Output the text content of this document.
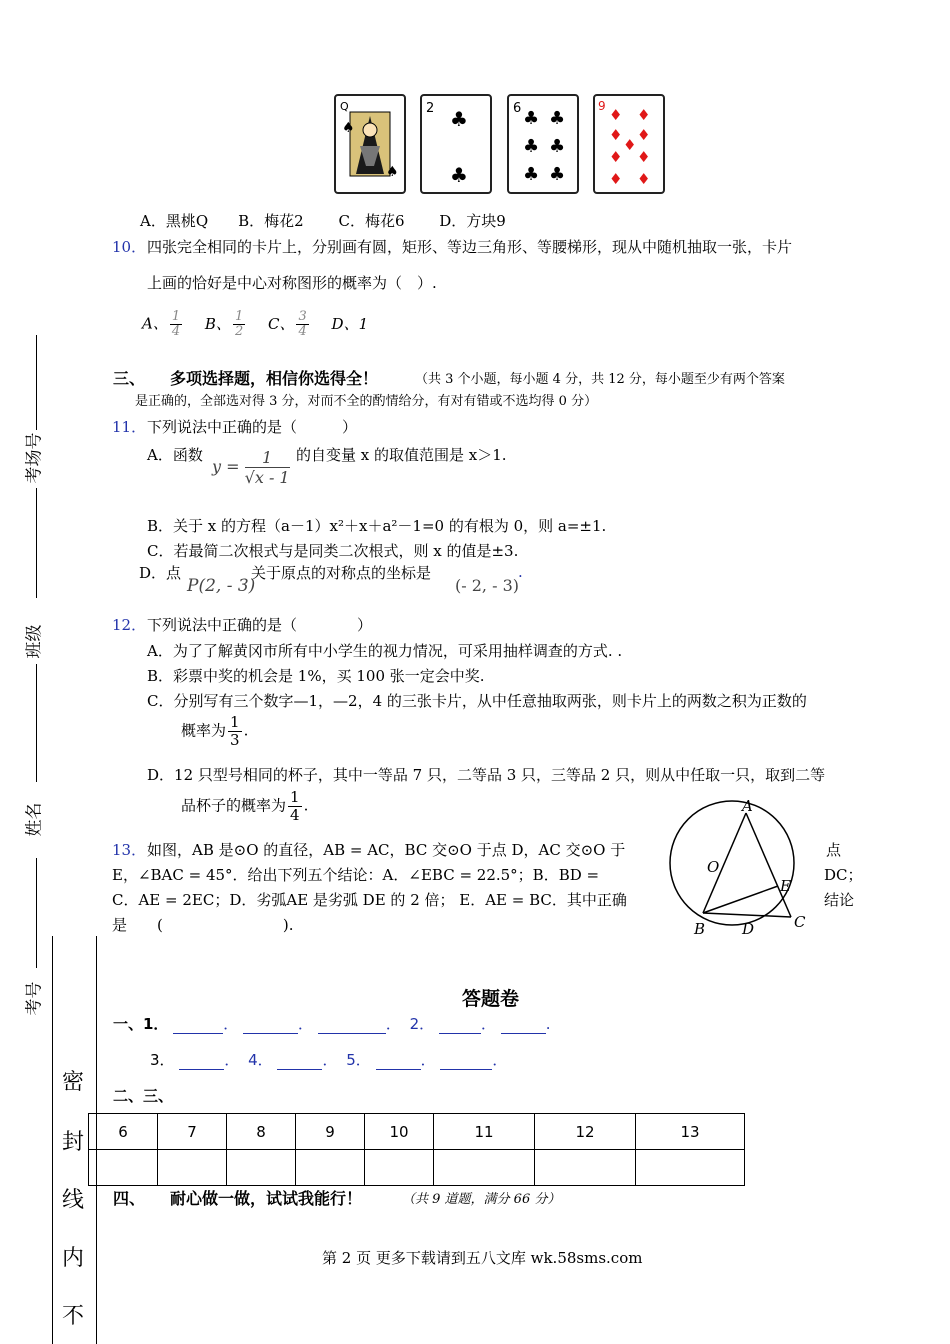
Q
♠
♠
2 ♣
♣
6 ♣ ♣
♣ ♣
♣ ♣
9 ♦ ♦
♦ ♦
♦
♦ ♦
♦ ♦
A．黑桃Q　　B．梅花2　　 C．梅花6　　 D．方块9
10． 四张完全相同的卡片上，分别画有圆，矩形、等边三角形、等腰梯形，现从中随机抽取一张，卡片
上画的恰好是中心对称图形的概率为（　）.
A、 $\frac{1}{4}$ B、 $\frac{1}{2}$ C、 $\frac{3}{4}$ D、1
三、 多项选择题，相信你选得全！	（共 3 个小题，每小题 4 分，共 12 分，每小题至少有两个答案
是正确的，全部选对得 3 分，对而不全的酌情给分，有对有错或不选均得 0 分）
11． 下列说法中正确的是（　　　）
A．函数
$y = \frac{1}{√x - 1}$ 的自变量 x 的取值范围是 x＞1.
B．关于 x 的方程（a－1）x²＋x＋a²－1=0 的有根为 0，则 a=±1.
C．若最简二次根式与是同类二次根式，则 x 的值是±3.
D．点
P(2, - 3)
关于原点的对称点的坐标是
(- 2, - 3)
.
12． 下列说法中正确的是（　　　　）
A．为了了解黄冈市所有中小学生的视力情况，可采用抽样调查的方式. .
B．彩票中奖的机会是 1%，买 100 张一定会中奖.
C．分别写有三个数字—1，—2，4 的三张卡片，从中任意抽取两张，则卡片上的两数之积为正数的
概率为 $\frac{1}{3}$ .
D．12 只型号相同的杯子，其中一等品 7 只，二等品 3 只，三等品 2 只，则从中任取一只，取到二等
品杯子的概率为 $\frac{1}{4}$ .
13． 如图，AB 是⊙O 的直径，AB = AC，BC 交⊙O 于点 D，AC 交⊙O 于	点
E，∠BAC = 45°．给出下列五个结论：A．∠EBC = 22.5°；B．BD =	DC；
C．AE = 2EC；D．劣弧AE 是劣弧 DE 的 2 倍； E．AE = BC．其中正确	结论
是　　(　　　　　　　　).
A
O
E
B D	C
考场号
班级
姓名
考号
密
封
线
内
不
答题卷
一、1．	．	．	． 2．	．	.
3．	． 4．	． 5．	．	．
二、三、
6	7	8	9	10	11	12	13

四、 耐心做一做，试试我能行！	（共 9 道题，满分 66 分）
第 2 页 更多下载请到五八文库 wk.58sms.com
